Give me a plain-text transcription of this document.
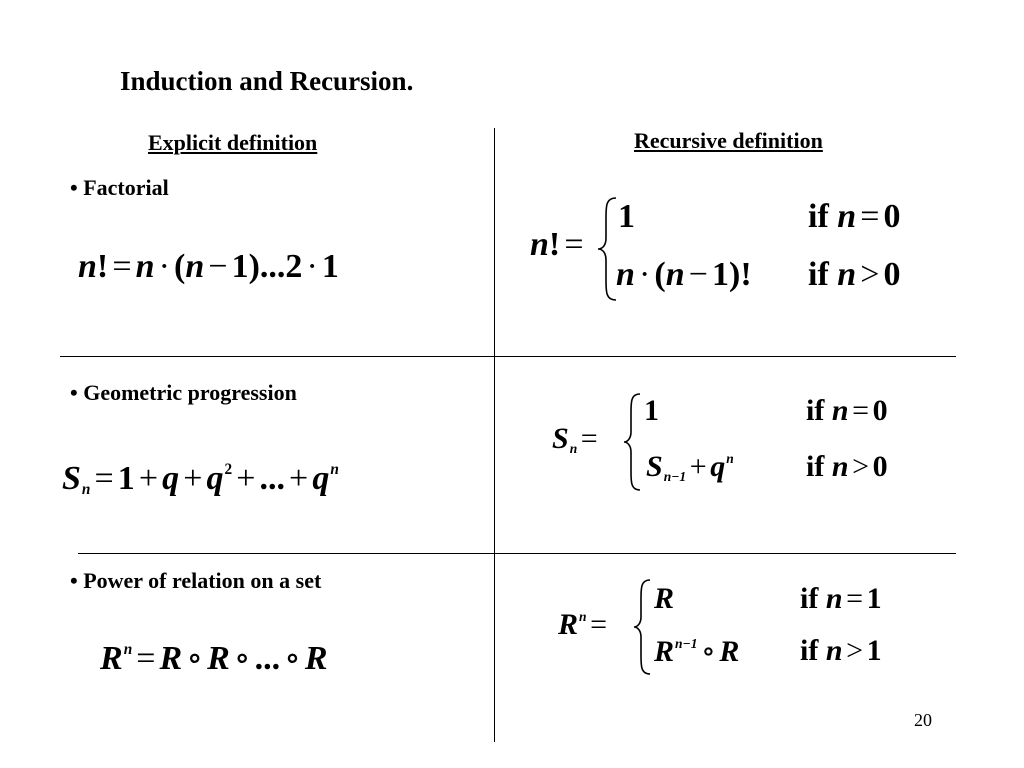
Induction and Recursion.
Explicit definition	Recursive definition
• Factorial
n! = n · (n − 1)...2 · 1
n! =
1	if n = 0
n · (n − 1)! if n > 0
• Geometric progression
$S_n = 1 + q + q^2$ + ... + $q^n$
$S_n$ =
1	if n = 0
$S_{n-1} + q^n$ if n > 0
• Power of relation on a set
$R^n = R$ ∘ R ∘ ... ∘ R
$R^n$ =
R	if n = 1
$R^{n-1}$ ∘ R if n > 1
20
